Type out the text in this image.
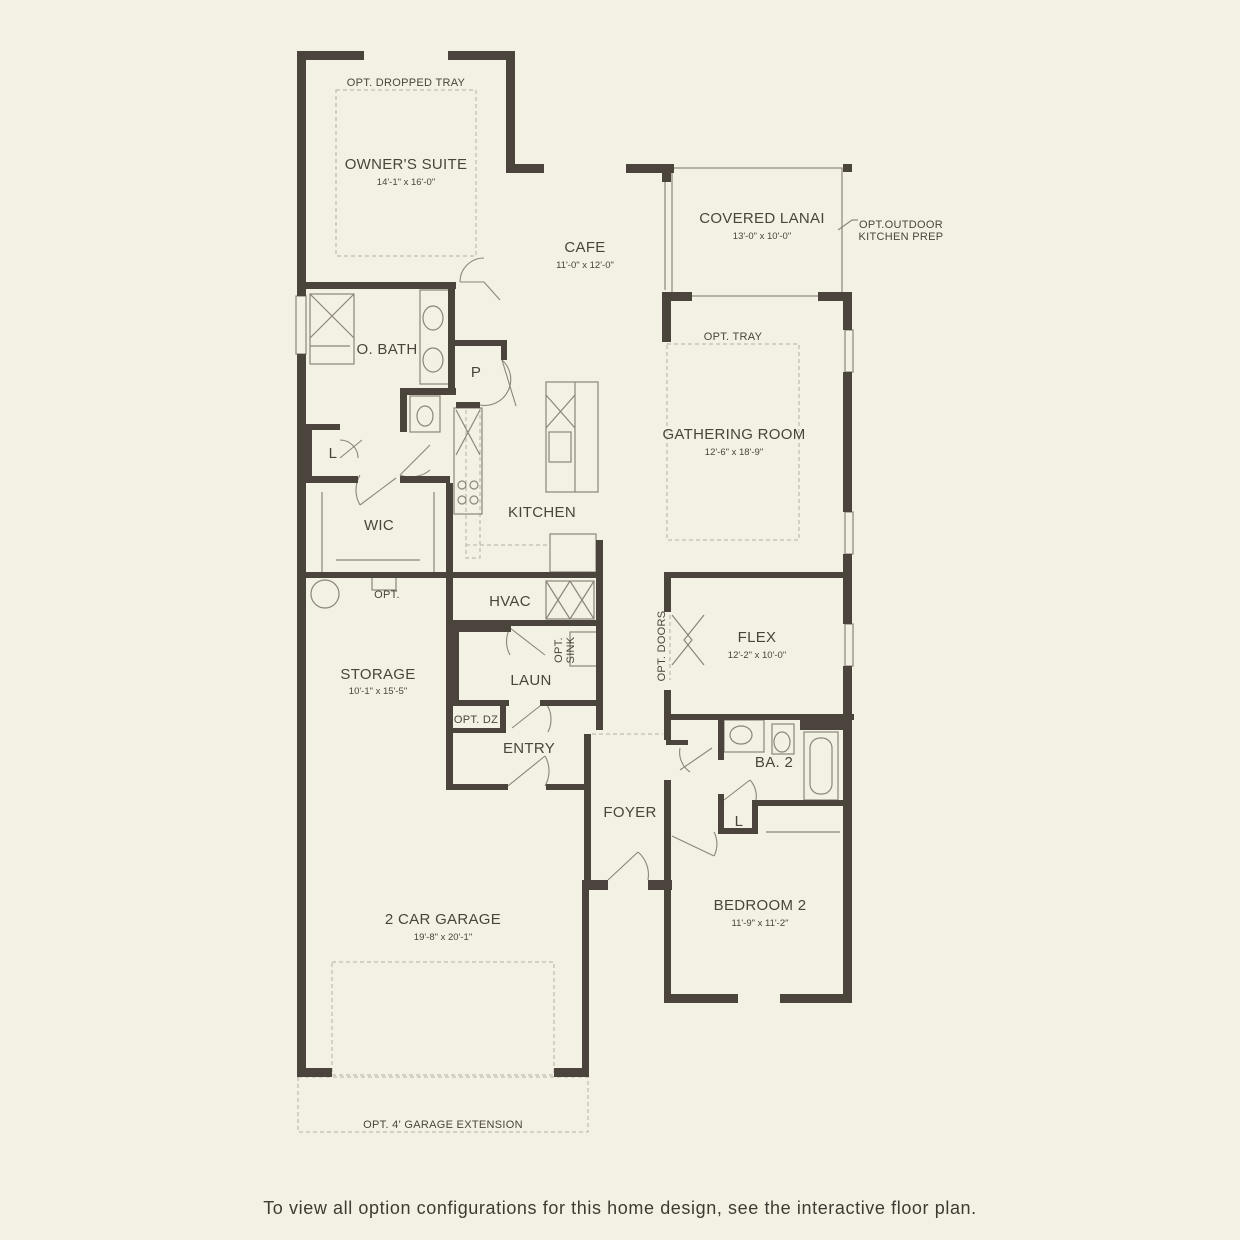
OPT. DROPPED TRAY
OWNER'S SUITE
14'-1" x 16'-0"
CAFE
11'-0" x 12'-0"
COVERED LANAI
13'-0" x 10'-0"
OPT.OUTDOOR
KITCHEN PREP
OPT. TRAY
GATHERING ROOM
12'-6" x 18'-9"
O. BATH
P
L
WIC
KITCHEN
HVAC
OPT.
STORAGE
10'-1" x 15'-5"
OPT. SINK
LAUN
OPT. DZ
ENTRY
OPT. DOORS	FLEX
12'-2" x 10'-0"
BA. 2
L
FOYER
BEDROOM 2
11'-9" x 11'-2"
2 CAR GARAGE
19'-8" x 20'-1"
OPT. 4' GARAGE EXTENSION
To view all option configurations for this home design, see the interactive floor plan.
